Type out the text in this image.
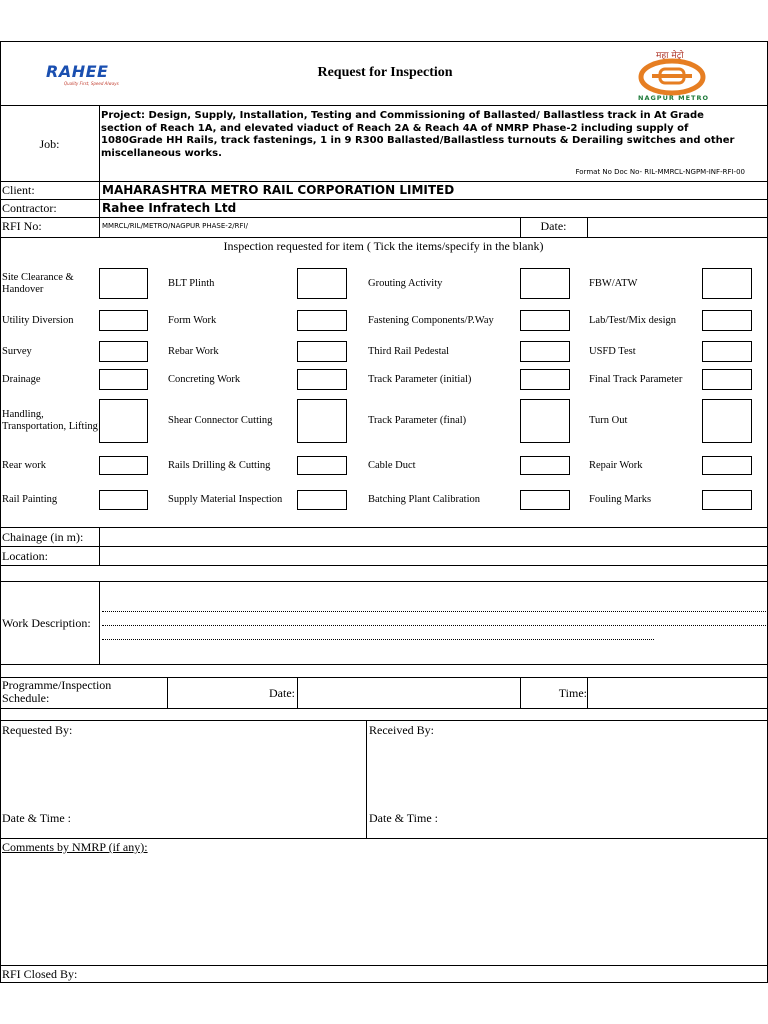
RAHEE
Quality First, Speed Always
Request for Inspection
महा मेट्रो
NAGPUR METRO
Job:
Project: Design, Supply, Installation, Testing and Commissioning of Ballasted/ Ballastless track in At Grade section of Reach 1A, and elevated viaduct of Reach 2A & Reach 4A of NMRP Phase-2 including supply of 1080Grade HH Rails, track fastenings, 1 in 9 R300 Ballasted/Ballastless turnouts & Derailing switches and other miscellaneous works.
Format No Doc No- RIL-MMRCL-NGPM-INF-RFI-00
Client:	MAHARASHTRA METRO RAIL CORPORATION LIMITED
Contractor:	Rahee Infratech Ltd
RFI No:	MMRCL/RIL/METRO/NAGPUR PHASE-2/RFI/	Date:
Inspection requested for item ( Tick the items/specify in the blank)
Site Clearance &
Handover
BLT Plinth	Grouting Activity	FBW/ATW
Utility Diversion	Form Work	Fastening Components/P.Way	Lab/Test/Mix design
Survey	Rebar Work	Third Rail Pedestal	USFD Test
Drainage	Concreting Work	Track Parameter (initial)	Final Track Parameter
Handling,
Transportation, Lifting
Shear Connector Cutting	Track Parameter (final)	Turn Out
Rear work	Rails Drilling & Cutting	Cable Duct	Repair Work
Rail Painting	Supply Material Inspection	Batching Plant Calibration	Fouling Marks
Chainage (in m):
Location:
Work Description:
Programme/Inspection
Schedule:	Date:	Time:
Requested By:
Date & Time :
Received By:
Date & Time :
Comments by NMRP (if any):
RFI Closed By:
